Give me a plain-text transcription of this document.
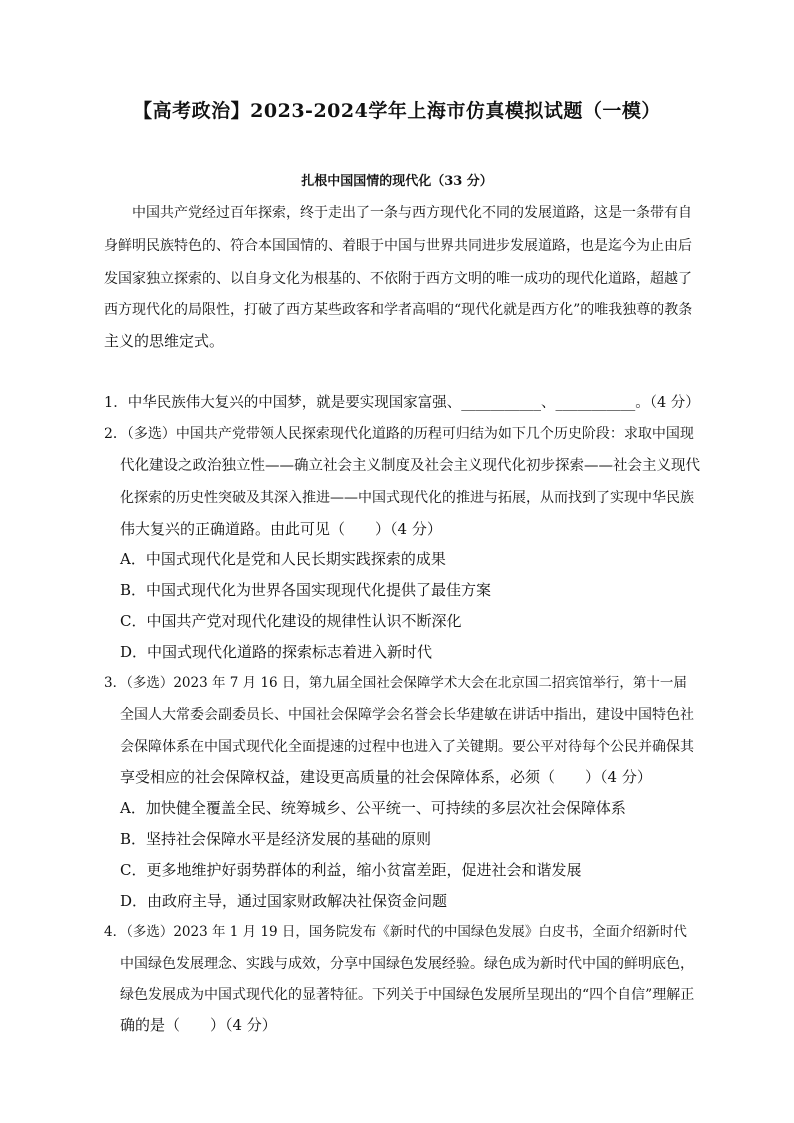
【高考政治】2023-2024学年上海市仿真模拟试题（一模）
扎根中国国情的现代化（33 分）
中国共产党经过百年探索，终于走出了一条与西方现代化不同的发展道路，这是一条带有自
身鲜明民族特色的、符合本国国情的、着眼于中国与世界共同进步发展道路，也是迄今为止由后
发国家独立探索的、以自身文化为根基的、不依附于西方文明的唯一成功的现代化道路，超越了
西方现代化的局限性，打破了西方某些政客和学者高唱的“现代化就是西方化”的唯我独尊的教条
主义的思维定式。
1．中华民族伟大复兴的中国梦，就是要实现国家富强、___________、___________。（4 分）
2．（多选）中国共产党带领人民探索现代化道路的历程可归结为如下几个历史阶段：求取中国现
代化建设之政治独立性——确立社会主义制度及社会主义现代化初步探索——社会主义现代
化探索的历史性突破及其深入推进——中国式现代化的推进与拓展，从而找到了实现中华民族
伟大复兴的正确道路。由此可见（　　）（4 分）
A．中国式现代化是党和人民长期实践探索的成果
B．中国式现代化为世界各国实现现代化提供了最佳方案
C．中国共产党对现代化建设的规律性认识不断深化
D．中国式现代化道路的探索标志着进入新时代
3．（多选）2023 年 7 月 16 日，第九届全国社会保障学术大会在北京国二招宾馆举行，第十一届
全国人大常委会副委员长、中国社会保障学会名誉会长华建敏在讲话中指出，建设中国特色社
会保障体系在中国式现代化全面提速的过程中也进入了关键期。要公平对待每个公民并确保其
享受相应的社会保障权益，建设更高质量的社会保障体系，必须（　　）（4 分）
A．加快健全覆盖全民、统筹城乡、公平统一、可持续的多层次社会保障体系
B．坚持社会保障水平是经济发展的基础的原则
C．更多地维护好弱势群体的利益，缩小贫富差距，促进社会和谐发展
D．由政府主导，通过国家财政解决社保资金问题
4．（多选）2023 年 1 月 19 日，国务院发布《新时代的中国绿色发展》白皮书，全面介绍新时代
中国绿色发展理念、实践与成效，分享中国绿色发展经验。绿色成为新时代中国的鲜明底色，
绿色发展成为中国式现代化的显著特征。下列关于中国绿色发展所呈现出的“四个自信”理解正
确的是（　　）（4 分）
